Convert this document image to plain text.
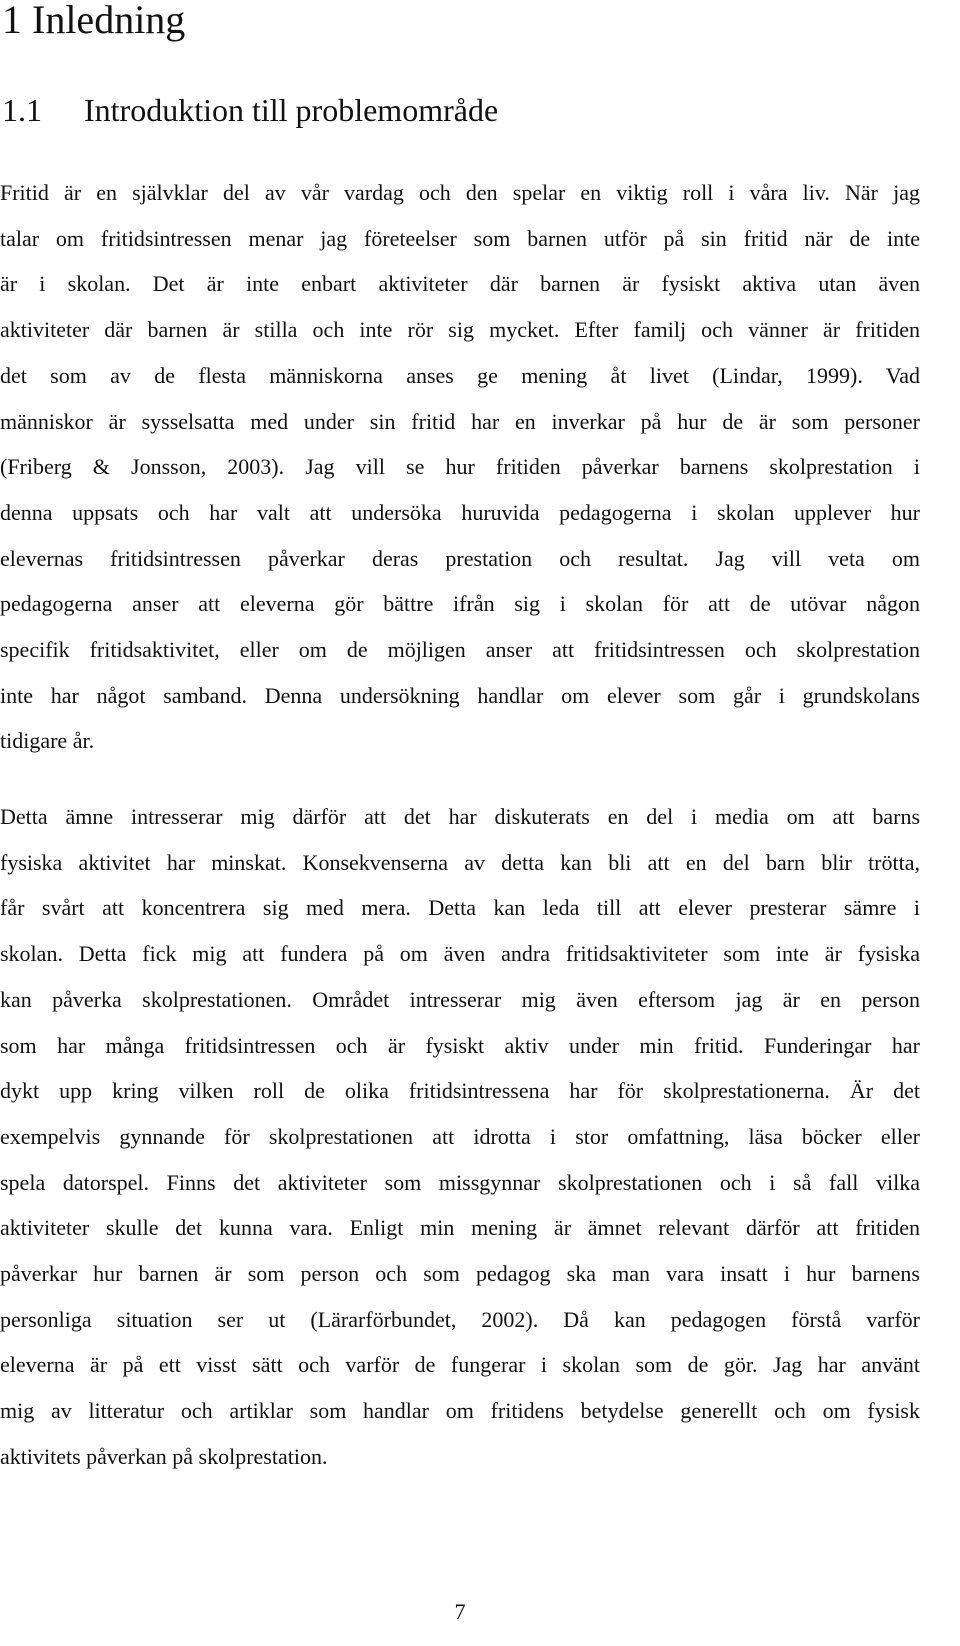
1 Inledning
1.1 Introduktion till problemområde

Fritid är en självklar del av vår vardag och den spelar en viktig roll i våra liv. När jag
talar om fritidsintressen menar jag företeelser som barnen utför på sin fritid när de inte
är i skolan. Det är inte enbart aktiviteter där barnen är fysiskt aktiva utan även
aktiviteter där barnen är stilla och inte rör sig mycket. Efter familj och vänner är fritiden
det som av de flesta människorna anses ge mening åt livet (Lindar, 1999). Vad
människor är sysselsatta med under sin fritid har en inverkar på hur de är som personer
(Friberg & Jonsson, 2003). Jag vill se hur fritiden påverkar barnens skolprestation i
denna uppsats och har valt att undersöka huruvida pedagogerna i skolan upplever hur
elevernas fritidsintressen påverkar deras prestation och resultat. Jag vill veta om
pedagogerna anser att eleverna gör bättre ifrån sig i skolan för att de utövar någon
specifik fritidsaktivitet, eller om de möjligen anser att fritidsintressen och skolprestation
inte har något samband. Denna undersökning handlar om elever som går i grundskolans
tidigare år.

Detta ämne intresserar mig därför att det har diskuterats en del i media om att barns
fysiska aktivitet har minskat. Konsekvenserna av detta kan bli att en del barn blir trötta,
får svårt att koncentrera sig med mera. Detta kan leda till att elever presterar sämre i
skolan. Detta fick mig att fundera på om även andra fritidsaktiviteter som inte är fysiska
kan påverka skolprestationen. Området intresserar mig även eftersom jag är en person
som har många fritidsintressen och är fysiskt aktiv under min fritid. Funderingar har
dykt upp kring vilken roll de olika fritidsintressena har för skolprestationerna. Är det
exempelvis gynnande för skolprestationen att idrotta i stor omfattning, läsa böcker eller
spela datorspel. Finns det aktiviteter som missgynnar skolprestationen och i så fall vilka
aktiviteter skulle det kunna vara. Enligt min mening är ämnet relevant därför att fritiden
påverkar hur barnen är som person och som pedagog ska man vara insatt i hur barnens
personliga situation ser ut (Lärarförbundet, 2002). Då kan pedagogen förstå varför
eleverna är på ett visst sätt och varför de fungerar i skolan som de gör. Jag har använt
mig av litteratur och artiklar som handlar om fritidens betydelse generellt och om fysisk
aktivitets påverkan på skolprestation.

7
